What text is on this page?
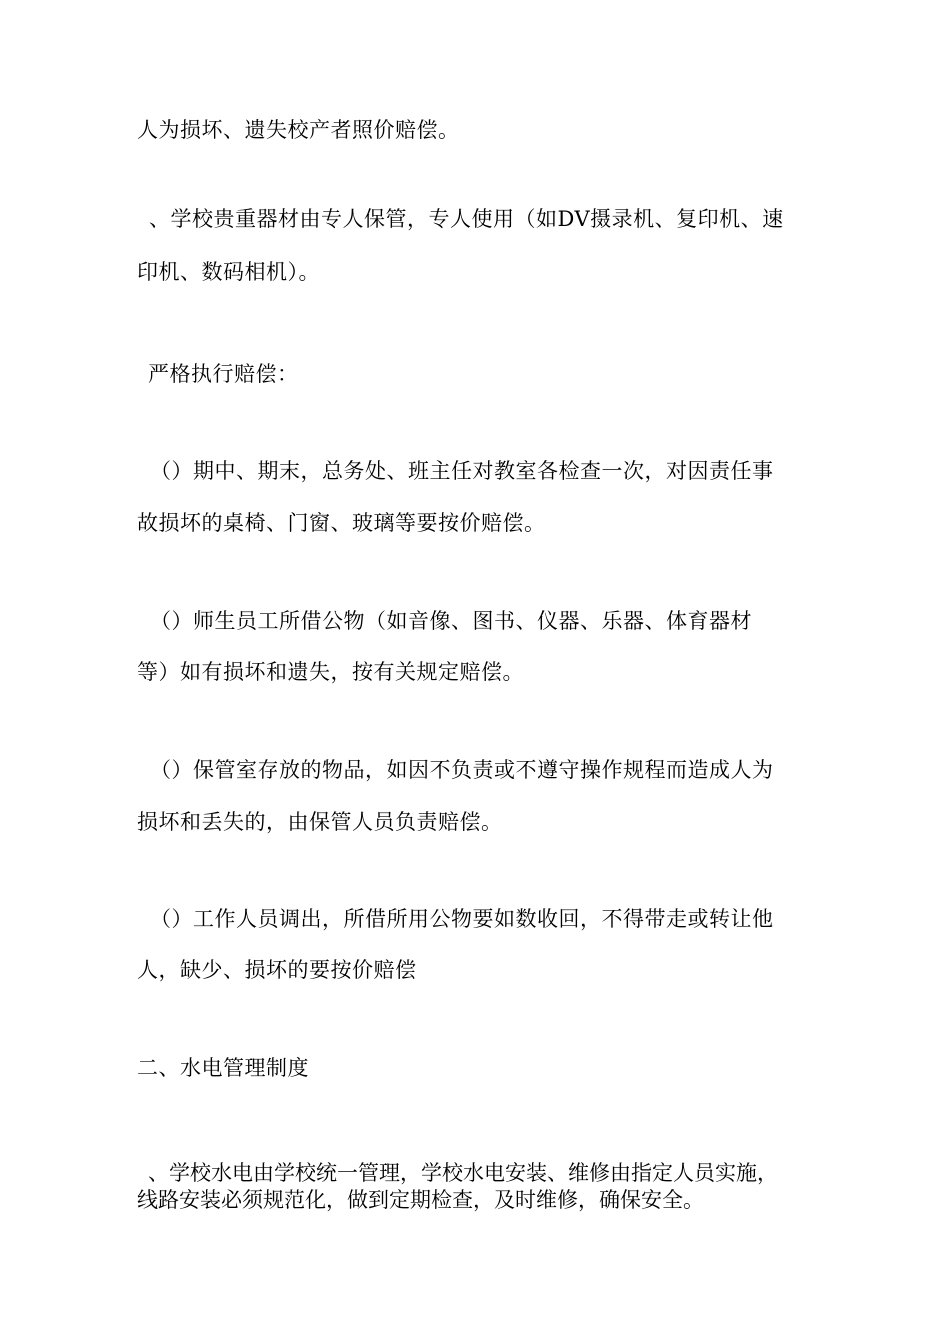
人为损坏、遗失校产者照价赔偿。
、学校贵重器材由专人保管，专人使用（如DV摄录机、复印机、速
印机、数码相机）。
严格执行赔偿：
（）期中、期末，总务处、班主任对教室各检查一次，对因责任事
故损坏的桌椅、门窗、玻璃等要按价赔偿。
（）师生员工所借公物（如音像、图书、仪器、乐器、体育器材
等）如有损坏和遗失，按有关规定赔偿。
（）保管室存放的物品，如因不负责或不遵守操作规程而造成人为
损坏和丢失的，由保管人员负责赔偿。
（）工作人员调出，所借所用公物要如数收回，不得带走或转让他
人，缺少、损坏的要按价赔偿
二、水电管理制度
、学校水电由学校统一管理，学校水电安装、维修由指定人员实施，
线路安装必须规范化，做到定期检查，及时维修，确保安全。
